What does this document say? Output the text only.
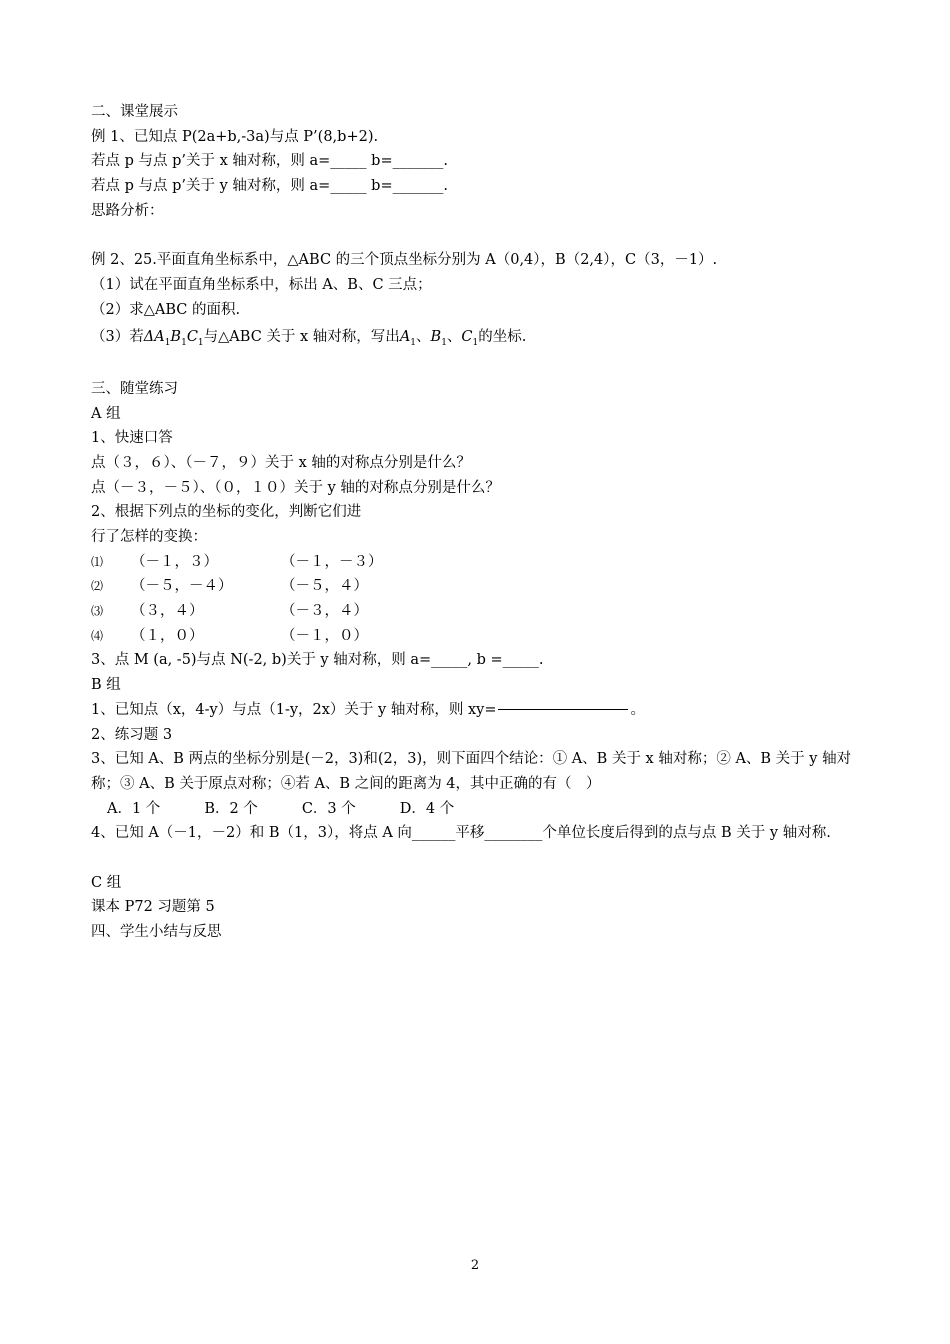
二、课堂展示
例 1、已知点 P(2a+b,-3a)与点 P’(8,b+2).
若点 p 与点 p’关于 x 轴对称，则 a=_____ b=_______.
若点 p 与点 p’关于 y 轴对称，则 a=_____ b=_______.
思路分析：
例 2、25.平面直角坐标系中，△ABC 的三个顶点坐标分别为 A（0,4），B（2,4），C（3，－1）.
（1）试在平面直角坐标系中，标出 A、B、C 三点；
（2）求△ABC 的面积.
（3）若$\Delta A_1B_1C_1$与△ABC 关于 x 轴对称，写出$A_1$、$B_1$、$C_1$的坐标.
三、随堂练习
A 组
1、快速口答
点（３，６）、（－７，９）关于 x 轴的对称点分别是什么？
点（－３，－５）、（０，１０）关于 y 轴的对称点分别是什么？
2、根据下列点的坐标的变化，判断它们进
行了怎样的变换：
⑴ （－１，３）	（－１，－３）
⑵ （－５，－４）	（－５，４）
⑶ （３，４）	（－３，４）
⑷ （１，０）	（－１，０）
3、点 M (a, -5)与点 N(-2, b)关于 y 轴对称，则 a=_____, b =_____.
B 组
1、已知点（x，4-y）与点（1-y，2x）关于 y 轴对称，则 xy=	。
2、练习题 3
3、已知 A、B 两点的坐标分别是(－2，3)和(2，3)，则下面四个结论：① A、B 关于 x 轴对称；② A、B 关于 y 轴对称；③ A、B 关于原点对称；④若 A、B 之间的距离为 4，其中正确的有（　）
A．1 个	B．2 个	C．3 个	D．4 个
4、已知 A（－1，－2）和 B（1，3），将点 A 向______平移________个单位长度后得到的点与点 B 关于 y 轴对称.
C 组
课本 P72 习题第 5
四、学生小结与反思
2
